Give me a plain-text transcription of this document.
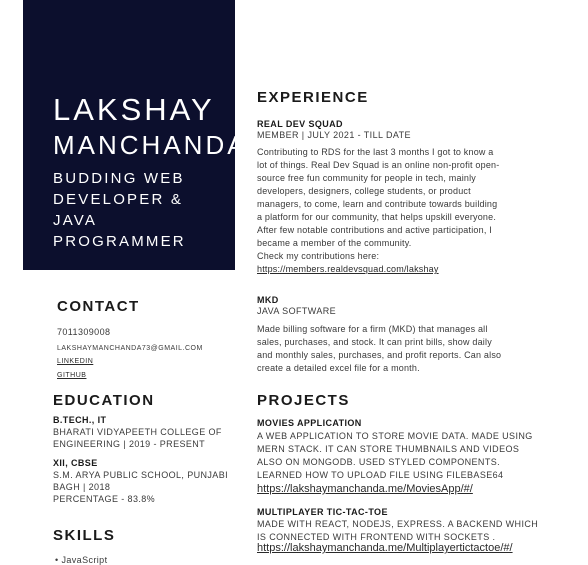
LAKSHAY
MANCHANDA
BUDDING WEB
DEVELOPER &
JAVA
PROGRAMMER
CONTACT
7011309008
LAKSHAYMANCHANDA73@GMAIL.COM
LINKEDIN
GITHUB
EDUCATION
B.TECH., IT
BHARATI VIDYAPEETH COLLEGE OF
ENGINEERING | 2019 - PRESENT
XII, CBSE
S.M. ARYA PUBLIC SCHOOL, PUNJABI
BAGH | 2018
PERCENTAGE - 83.8%
SKILLS
• JavaScript
EXPERIENCE
REAL DEV SQUAD
MEMBER | JULY 2021 - TILL DATE
Contributing to RDS for the last 3 months I got to know a
lot of things. Real Dev Squad is an online non-profit open-
source free fun community for people in tech, mainly
developers, designers, college students, or product
managers, to come, learn and contribute towards building
a platform for our community, that helps upskill everyone.
After few notable contributions and active participation, I
became a member of the community.
Check my contributions here:
https://members.realdevsquad.com/lakshay
MKD
JAVA SOFTWARE
Made billing software for a firm (MKD) that manages all
sales, purchases, and stock. It can print bills, show daily
and monthly sales, purchases, and profit reports. Can also
create a detailed excel file for a month.
PROJECTS
MOVIES APPLICATION
A WEB APPLICATION TO STORE MOVIE DATA. MADE USING
MERN STACK. IT CAN STORE THUMBNAILS AND VIDEOS
ALSO ON MONGODB. USED STYLED COMPONENTS.
LEARNED HOW TO UPLOAD FILE USING FILEBASE64
https://lakshaymanchanda.me/MoviesApp/#/
MULTIPLAYER TIC-TAC-TOE
MADE WITH REACT, NODEJS, EXPRESS. A BACKEND WHICH
IS CONNECTED WITH FRONTEND WITH SOCKETS .
https://lakshaymanchanda.me/Multiplayertictactoe/#/
